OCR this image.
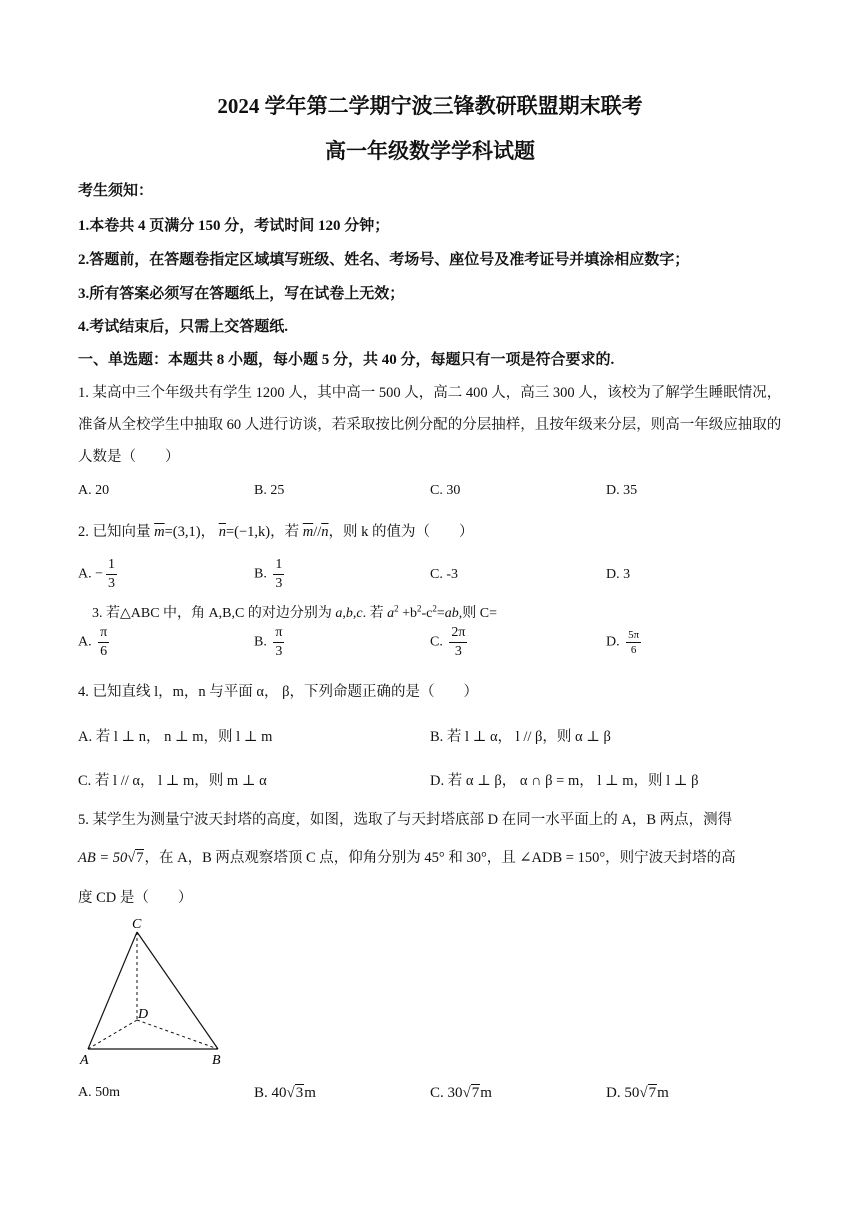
2024 学年第二学期宁波三锋教研联盟期末联考
高一年级数学学科试题
考生须知：
1.本卷共 4 页满分 150 分，考试时间 120 分钟；
2.答题前，在答题卷指定区域填写班级、姓名、考场号、座位号及准考证号并填涂相应数字；
3.所有答案必须写在答题纸上，写在试卷上无效；
4.考试结束后，只需上交答题纸.
一、单选题：本题共 8 小题，每小题 5 分，共 40 分，每题只有一项是符合要求的.
1. 某高中三个年级共有学生 1200 人，其中高一 500 人，高二 400 人，高三 300 人，该校为了解学生睡眠情况，准备从全校学生中抽取 60 人进行访谈，若采取按比例分配的分层抽样，且按年级来分层，则高一年级应抽取的人数是（　　）
A. 20	B. 25	C. 30	D. 35
2. 已知向量 $\overline{m}=(3,1)$， $\overline{n}=(-1,k)$，若 $\overline{m}//\overline{n}$，则 k 的值为（　　）
A. − $\frac{1}{3}$	B. $\frac{1}{3}$	C. -3	D. 3
3. 若△ABC 中，角 A,B,C 的对边分别为 a,b,c. 若 $a^2 +b^2-c^2=ab$,则 C=
A. $\frac{\pi}{6}$	B. $\frac{\pi}{3}$	C. $\frac{2\pi}{3}$	D. $\frac{5\pi}{6}$
4. 已知直线 l，m，n 与平面 α， β，下列命题正确的是（　　）
A. 若 l ⊥ n， n ⊥ m，则 l ⊥ m	B. 若 l ⊥ α， l // β，则 α ⊥ β
C. 若 l // α， l ⊥ m，则 m ⊥ α	D. 若 α ⊥ β， α ∩ β = m， l ⊥ m，则 l ⊥ β
5. 某学生为测量宁波天封塔的高度，如图，选取了与天封塔底部 D 在同一水平面上的 A，B 两点，测得
AB = 50√7，在 A，B 两点观察塔顶 C 点，仰角分别为 45° 和 30°，且 ∠ADB = 150°，则宁波天封塔的高
度 CD 是（　　）
C
D
A	B
A. 50m	B. 40√3m	C. 30√7m	D. 50√7m
